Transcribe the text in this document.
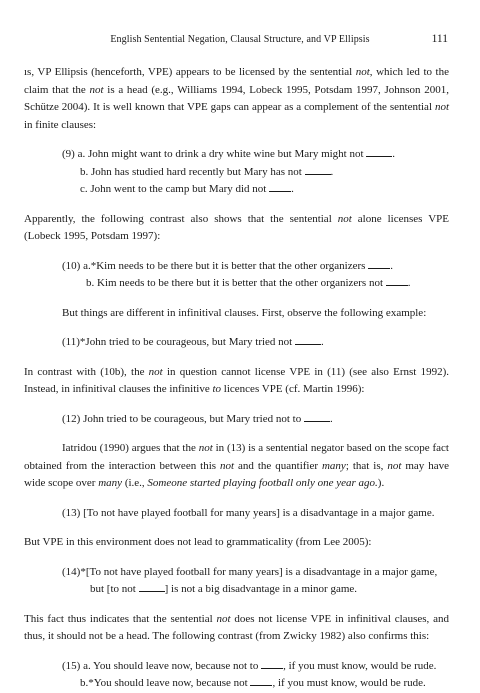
English Sentential Negation, Clausal Structure, and VP Ellipsis	111

ıs, VP Ellipsis (henceforth, VPE) appears to be licensed by the sentential not, which led to the claim that the not is a head (e.g., Williams 1994, Lobeck 1995, Potsdam 1997, Johnson 2001, Schütze 2004). It is well known that VPE gaps can appear as a complement of the sentential not in finite clauses:

(9) a. John might want to drink a dry white wine but Mary might not	.
b. John has studied hard recently but Mary has not	.
c. John went to the camp but Mary did not .

Apparently, the following contrast also shows that the sentential not alone licenses VPE (Lobeck 1995, Potsdam 1997):

(10) a.*Kim needs to be there but it is better that the other organizers .
b. Kim needs to be there but it is better that the other organizers not .

But things are different in infinitival clauses. First, observe the following example:

(11)*John tried to be courageous, but Mary tried not	.

In contrast with (10b), the not in question cannot license VPE in (11) (see also Ernst 1992). Instead, in infinitival clauses the infinitive to licences VPE (cf. Martin 1996):

(12) John tried to be courageous, but Mary tried not to	.

Iatridou (1990) argues that the not in (13) is a sentential negator based on the scope fact obtained from the interaction between this not and the quantifier many; that is, not may have wide scope over many (i.e., Someone started playing football only one year ago.).

(13) [To not have played football for many years] is a disadvantage in a major game.

But VPE in this environment does not lead to grammaticality (from Lee 2005):

(14)*[To not have played football for many years] is a disadvantage in a major game,
but [to not	] is not a big disadvantage in a minor game.

This fact thus indicates that the sentential not does not license VPE in infinitival clauses, and thus, it should not be a head. The following contrast (from Zwicky 1982) also confirms this:

(15) a. You should leave now, because not to , if you must know, would be rude.
b.*You should leave now, because not , if you must know, would be rude.
